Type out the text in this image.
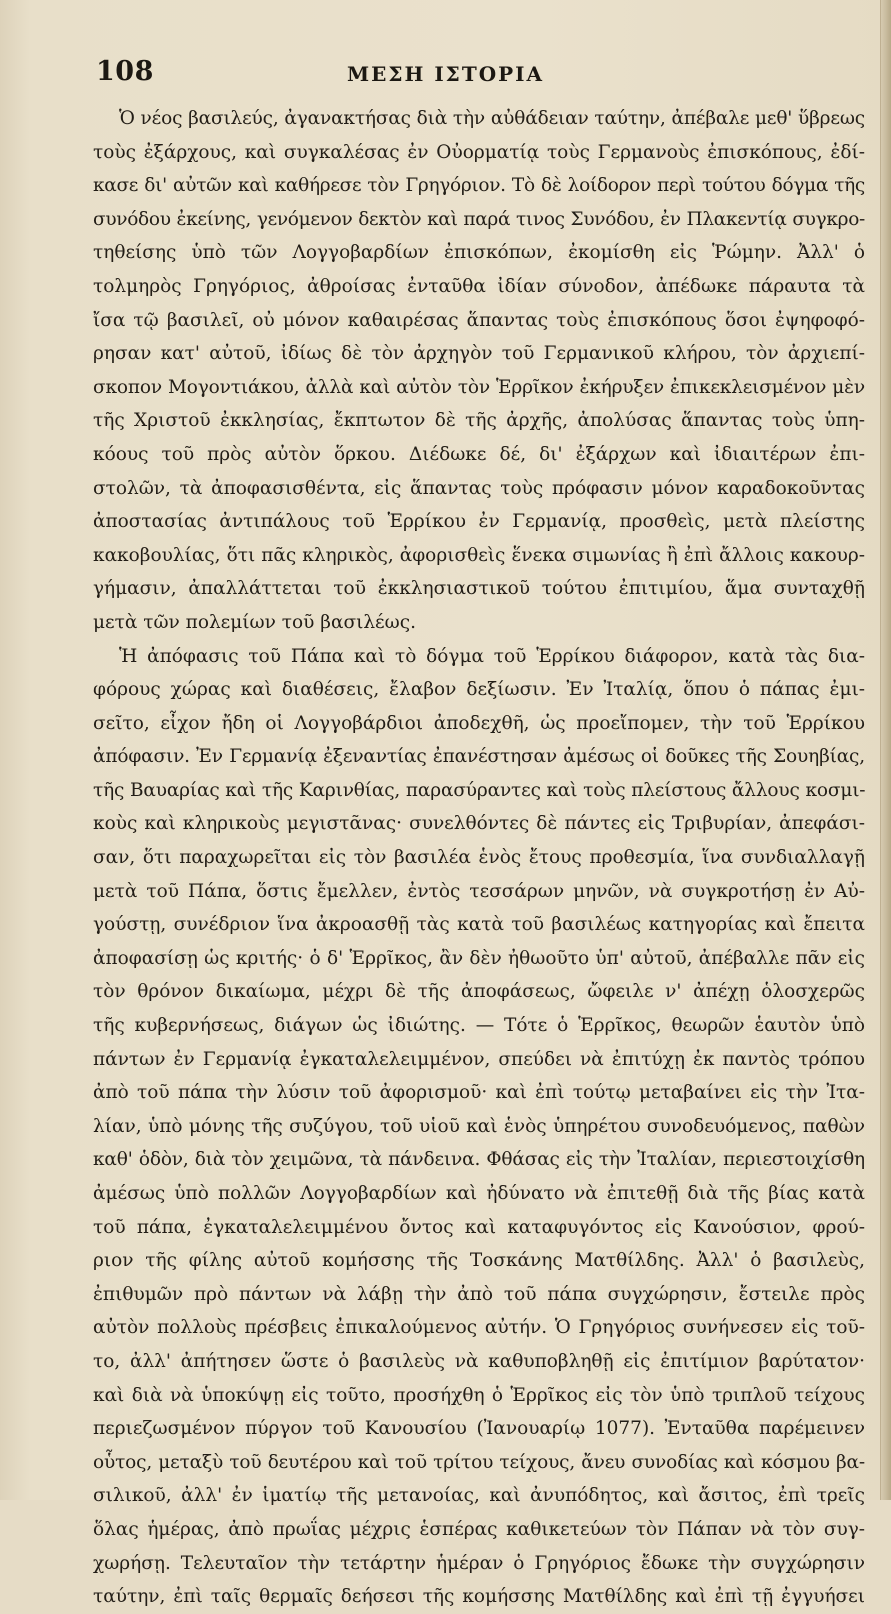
108	ΜΕΣΗ ΙΣΤΟΡΙΑ
Ὁ νέος βασιλεύς, ἀγανακτήσας διὰ τὴν αὐθάδειαν ταύτην, ἀπέβαλε μεθ' ὕβρεως
τοὺς ἐξάρχους, καὶ συγκαλέσας ἐν Οὐορματίᾳ τοὺς Γερμανοὺς ἐπισκόπους, ἐδί-
κασε δι' αὐτῶν καὶ καθήρεσε τὸν Γρηγόριον. Τὸ δὲ λοίδορον περὶ τούτου δόγμα τῆς
συνόδου ἐκείνης, γενόμενον δεκτὸν καὶ παρά τινος Συνόδου, ἐν Πλακεντίᾳ συγκρο-
τηθείσης ὑπὸ τῶν Λογγοβαρδίων ἐπισκόπων, ἐκομίσθη εἰς Ῥώμην. Ἀλλ' ὁ
τολμηρὸς Γρηγόριος, ἀθροίσας ἐνταῦθα ἰδίαν σύνοδον, ἀπέδωκε πάραυτα τὰ
ἴσα τῷ βασιλεῖ, οὐ μόνον καθαιρέσας ἅπαντας τοὺς ἐπισκόπους ὅσοι ἐψηφοφό-
ρησαν κατ' αὐτοῦ, ἰδίως δὲ τὸν ἀρχηγὸν τοῦ Γερμανικοῦ κλήρου, τὸν ἀρχιεπί-
σκοπον Μογοντιάκου, ἀλλὰ καὶ αὐτὸν τὸν Ἑρρῖκον ἐκήρυξεν ἐπικεκλεισμένον μὲν
τῆς Χριστοῦ ἐκκλησίας, ἔκπτωτον δὲ τῆς ἀρχῆς, ἀπολύσας ἅπαντας τοὺς ὑπη-
κόους τοῦ πρὸς αὐτὸν ὅρκου. Διέδωκε δέ, δι' ἐξάρχων καὶ ἰδιαιτέρων ἐπι-
στολῶν, τὰ ἀποφασισθέντα, εἰς ἅπαντας τοὺς πρόφασιν μόνον καραδοκοῦντας
ἀποστασίας ἀντιπάλους τοῦ Ἑρρίκου ἐν Γερμανίᾳ, προσθεὶς, μετὰ πλείστης
κακοβουλίας, ὅτι πᾶς κληρικὸς, ἀφορισθεὶς ἕνεκα σιμωνίας ἢ ἐπὶ ἄλλοις κακουρ-
γήμασιν, ἀπαλλάττεται τοῦ ἐκκλησιαστικοῦ τούτου ἐπιτιμίου, ἅμα συνταχθῇ
μετὰ τῶν πολεμίων τοῦ βασιλέως.
Ἡ ἀπόφασις τοῦ Πάπα καὶ τὸ δόγμα τοῦ Ἑρρίκου διάφορον, κατὰ τὰς δια-
φόρους χώρας καὶ διαθέσεις, ἔλαβον δεξίωσιν. Ἐν Ἰταλίᾳ, ὅπου ὁ πάπας ἐμι-
σεῖτο, εἶχον ἤδη οἱ Λογγοβάρδιοι ἀποδεχθῆ, ὡς προεἴπομεν, τὴν τοῦ Ἑρρίκου
ἀπόφασιν. Ἐν Γερμανίᾳ ἐξεναντίας ἐπανέστησαν ἀμέσως οἱ δοῦκες τῆς Σουηβίας,
τῆς Βαυαρίας καὶ τῆς Καρινθίας, παρασύραντες καὶ τοὺς πλείστους ἄλλους κοσμι-
κοὺς καὶ κληρικοὺς μεγιστᾶνας· συνελθόντες δὲ πάντες εἰς Τριβυρίαν, ἀπεφάσι-
σαν, ὅτι παραχωρεῖται εἰς τὸν βασιλέα ἑνὸς ἔτους προθεσμία, ἵνα συνδιαλλαγῇ
μετὰ τοῦ Πάπα, ὅστις ἔμελλεν, ἐντὸς τεσσάρων μηνῶν, νὰ συγκροτήσῃ ἐν Αὐ-
γούστῃ, συνέδριον ἵνα ἀκροασθῇ τὰς κατὰ τοῦ βασιλέως κατηγορίας καὶ ἔπειτα
ἀποφασίσῃ ὡς κριτής· ὁ δ' Ἑρρῖκος, ἂν δὲν ἠθωοῦτο ὑπ' αὐτοῦ, ἀπέβαλλε πᾶν εἰς
τὸν θρόνον δικαίωμα, μέχρι δὲ τῆς ἀποφάσεως, ὤφειλε ν' ἀπέχῃ ὁλοσχερῶς
τῆς κυβερνήσεως, διάγων ὡς ἰδιώτης. — Τότε ὁ Ἑρρῖκος, θεωρῶν ἑαυτὸν ὑπὸ
πάντων ἐν Γερμανίᾳ ἐγκαταλελειμμένον, σπεύδει νὰ ἐπιτύχῃ ἐκ παντὸς τρόπου
ἀπὸ τοῦ πάπα τὴν λύσιν τοῦ ἀφορισμοῦ· καὶ ἐπὶ τούτῳ μεταβαίνει εἰς τὴν Ἰτα-
λίαν, ὑπὸ μόνης τῆς συζύγου, τοῦ υἱοῦ καὶ ἑνὸς ὑπηρέτου συνοδευόμενος, παθὼν
καθ' ὁδὸν, διὰ τὸν χειμῶνα, τὰ πάνδεινα. Φθάσας εἰς τὴν Ἰταλίαν, περιεστοιχίσθη
ἀμέσως ὑπὸ πολλῶν Λογγοβαρδίων καὶ ἠδύνατο νὰ ἐπιτεθῇ διὰ τῆς βίας κατὰ
τοῦ πάπα, ἐγκαταλελειμμένου ὄντος καὶ καταφυγόντος εἰς Κανούσιον, φρού-
ριον τῆς φίλης αὐτοῦ κομήσσης τῆς Τοσκάνης Ματθίλδης. Ἀλλ' ὁ βασιλεὺς,
ἐπιθυμῶν πρὸ πάντων νὰ λάβῃ τὴν ἀπὸ τοῦ πάπα συγχώρησιν, ἔστειλε πρὸς
αὐτὸν πολλοὺς πρέσβεις ἐπικαλούμενος αὐτήν. Ὁ Γρηγόριος συνήνεσεν εἰς τοῦ-
το, ἀλλ' ἀπήτησεν ὥστε ὁ βασιλεὺς νὰ καθυποβληθῇ εἰς ἐπιτίμιον βαρύτατον·
καὶ διὰ νὰ ὑποκύψῃ εἰς τοῦτο, προσήχθη ὁ Ἑρρῖκος εἰς τὸν ὑπὸ τριπλοῦ τείχους
περιεζωσμένον πύργον τοῦ Κανουσίου (Ἰανουαρίῳ 1077). Ἐνταῦθα παρέμεινεν
οὗτος, μεταξὺ τοῦ δευτέρου καὶ τοῦ τρίτου τείχους, ἄνευ συνοδίας καὶ κόσμου βα-
σιλικοῦ, ἀλλ' ἐν ἱματίῳ τῆς μετανοίας, καὶ ἀνυπόδητος, καὶ ἄσιτος, ἐπὶ τρεῖς
ὅλας ἡμέρας, ἀπὸ πρωΐας μέχρις ἑσπέρας καθικετεύων τὸν Πάπαν νὰ τὸν συγ-
χωρήσῃ. Τελευταῖον τὴν τετάρτην ἡμέραν ὁ Γρηγόριος ἔδωκε τὴν συγχώρησιν
ταύτην, ἐπὶ ταῖς θερμαῖς δεήσεσι τῆς κομήσσης Ματθίλδης καὶ ἐπὶ τῇ ἐγγυήσει
